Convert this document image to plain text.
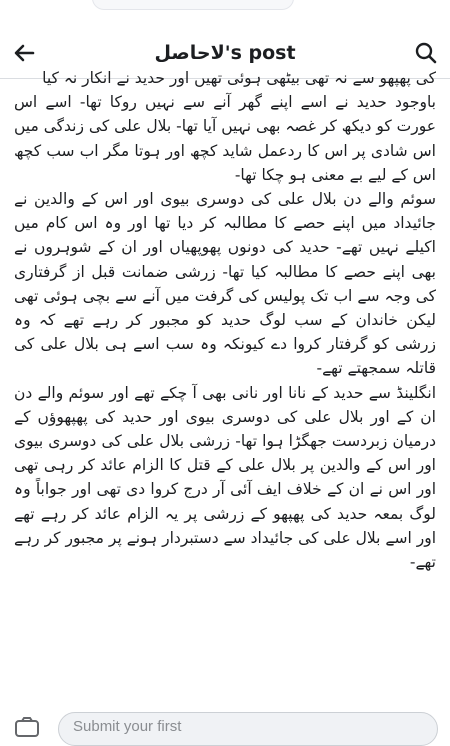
لاحاصل's post

کی پھپھو سے نہ تھی بیٹھی ہوئی تھیں اور حدید نے انکار نہ کیا
باوجود حدید نے اسے اپنے گھر آنے سے نہیں روکا تھا- اسے اس عورت کو دیکھ کر غصہ بھی نہیں آیا تھا- بلال علی کی زندگی میں اس شادی پر اس کا ردعمل شاید کچھ اور ہوتا مگر اب سب کچھ اس کے لیے بے معنی ہو چکا تھا-
سوئم والے دن بلال علی کی دوسری بیوی اور اس کے والدین نے جائیداد میں اپنے حصے کا مطالبہ کر دیا تھا اور وہ اس کام میں اکیلے نہیں تھے- حدید کی دونوں پھوپھیاں اور ان کے شوہروں نے بھی اپنے حصے کا مطالبہ کیا تھا- زرشی ضمانت قبل از گرفتاری کی وجہ سے اب تک پولیس کی گرفت میں آنے سے بچی ہوئی تھی لیکن خاندان کے سب لوگ حدید کو مجبور کر رہے تھے کہ وہ زرشی کو گرفتار کروا دے کیونکہ وہ سب اسے ہی بلال علی کی قاتلہ سمجھتے تھے-
انگلینڈ سے حدید کے نانا اور نانی بھی آ چکے تھے اور سوئم والے دن ان کے اور بلال علی کی دوسری بیوی اور حدید کی پھپھوؤں کے درمیان زبردست جھگڑا ہوا تھا- زرشی بلال علی کی دوسری بیوی اور اس کے والدین پر بلال علی کے قتل کا الزام عائد کر رہی تھی اور اس نے ان کے خلاف ایف آئی آر درج کروا دی تھی اور جواباً وہ لوگ بمعہ حدید کی پھپھو کے زرشی پر یہ الزام عائد کر رہے تھے اور اسے بلال علی کی جائیداد سے دستبردار ہونے پر مجبور کر رہے تھے-

Submit your first
